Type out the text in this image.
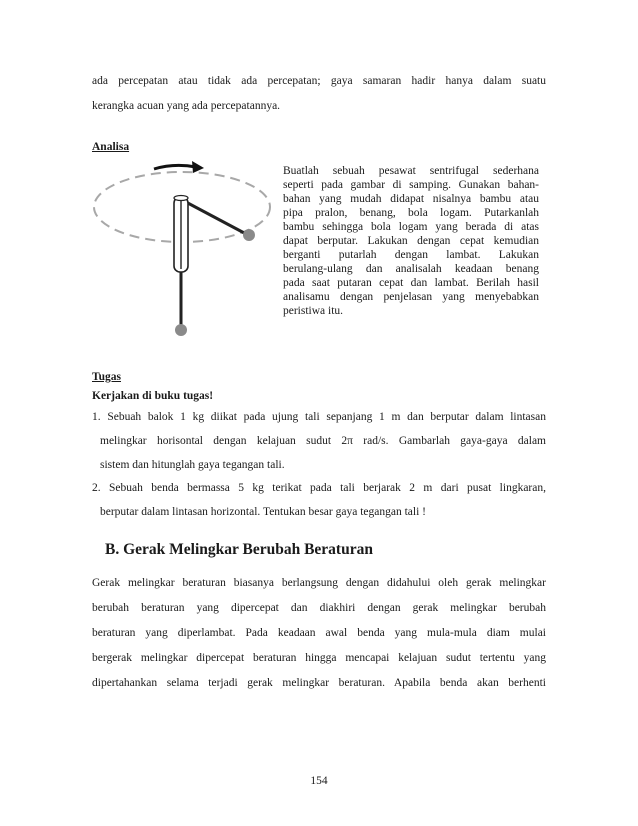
ada percepatan atau tidak ada percepatan; gaya samaran hadir hanya dalam suatu
kerangka acuan yang ada percepatannya.
Analisa
Buatlah sebuah pesawat sentrifugal sederhana
seperti pada gambar di samping. Gunakan bahan-
bahan yang mudah didapat nisalnya bambu atau
pipa pralon, benang, bola logam. Putarkanlah
bambu sehingga bola logam yang berada di atas
dapat berputar. Lakukan dengan cepat kemudian
berganti putarlah dengan lambat. Lakukan
berulang-ulang dan analisalah keadaan benang
pada saat putaran cepat dan lambat. Berilah hasil
analisamu dengan penjelasan yang menyebabkan
peristiwa itu.
Tugas
Kerjakan di buku tugas!
1. Sebuah balok 1 kg diikat pada ujung tali sepanjang 1 m dan berputar dalam lintasan
melingkar horisontal dengan kelajuan sudut 2π rad/s. Gambarlah gaya-gaya dalam
sistem dan hitunglah gaya tegangan tali.
2. Sebuah benda bermassa 5 kg terikat pada tali berjarak 2 m dari pusat lingkaran,
berputar dalam lintasan horizontal. Tentukan besar gaya tegangan tali !
B. Gerak Melingkar Berubah Beraturan
Gerak melingkar beraturan biasanya berlangsung dengan didahului oleh gerak melingkar
berubah beraturan yang dipercepat dan diakhiri dengan gerak melingkar berubah
beraturan yang diperlambat. Pada keadaan awal benda yang mula-mula diam mulai
bergerak melingkar dipercepat beraturan hingga mencapai kelajuan sudut tertentu yang
dipertahankan selama terjadi gerak melingkar beraturan. Apabila benda akan berhenti
154
